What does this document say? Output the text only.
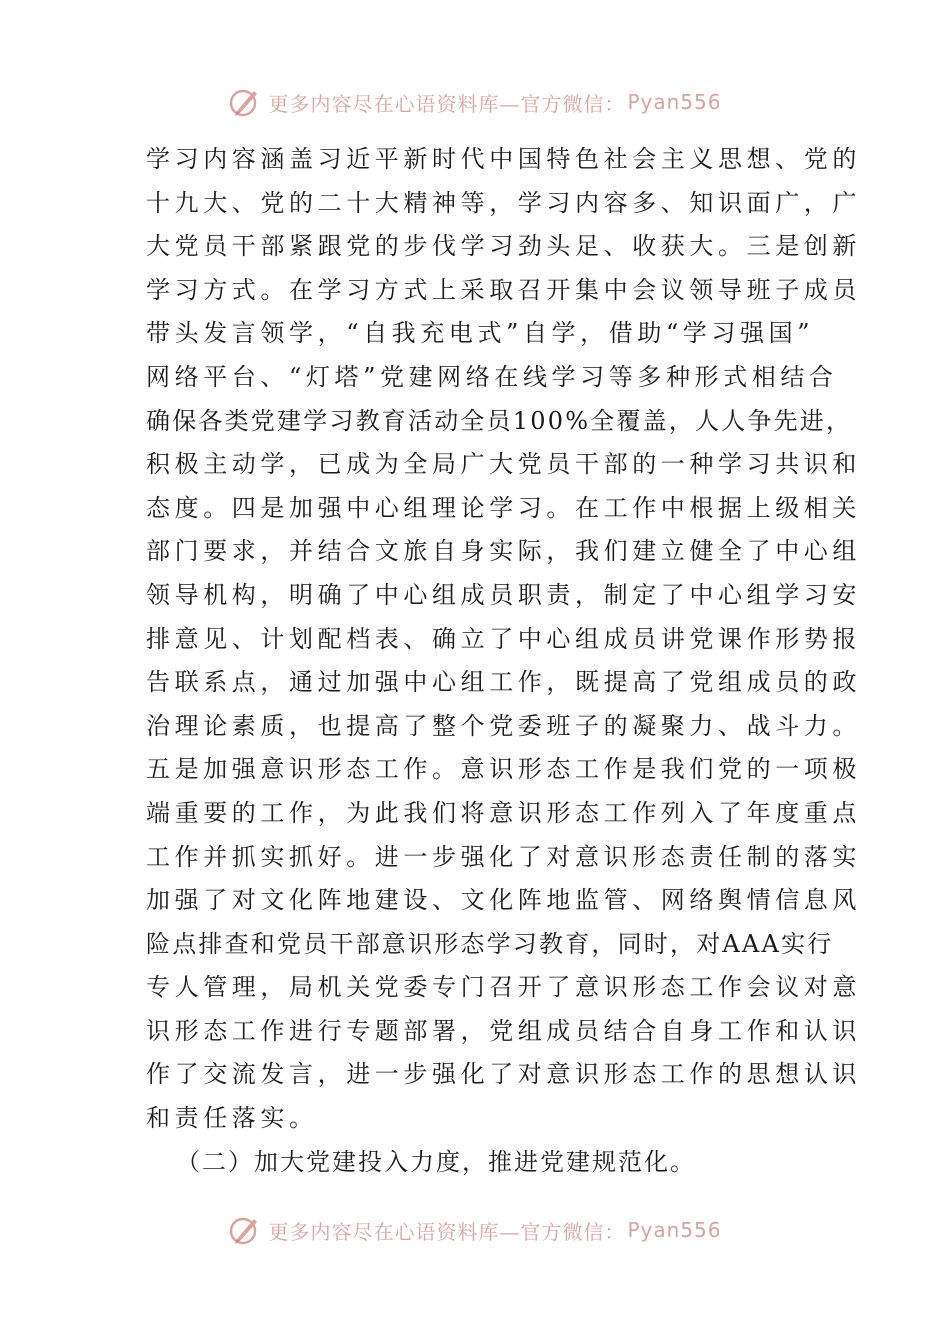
更多内容尽在心语资料库—官方微信： Pyan556
学习内容涵盖习近平新时代中国特色社会主义思想、党的
十九大、党的二十大精神等，学习内容多、知识面广，广
大党员干部紧跟党的步伐学习劲头足、收获大。三是创新
学习方式。在学习方式上采取召开集中会议领导班子成员
带头发言领学，“自我充电式”自学，借助“学习强国”
网络平台、“灯塔”党建网络在线学习等多种形式相结合
确保各类党建学习教育活动全员100%全覆盖，人人争先进，
积极主动学，已成为全局广大党员干部的一种学习共识和
态度。四是加强中心组理论学习。在工作中根据上级相关
部门要求，并结合文旅自身实际，我们建立健全了中心组
领导机构，明确了中心组成员职责，制定了中心组学习安
排意见、计划配档表、确立了中心组成员讲党课作形势报
告联系点，通过加强中心组工作，既提高了党组成员的政
治理论素质，也提高了整个党委班子的凝聚力、战斗力。
五是加强意识形态工作。意识形态工作是我们党的一项极
端重要的工作，为此我们将意识形态工作列入了年度重点
工作并抓实抓好。进一步强化了对意识形态责任制的落实
加强了对文化阵地建设、文化阵地监管、网络舆情信息风
险点排查和党员干部意识形态学习教育，同时，对AAA实行
专人管理，局机关党委专门召开了意识形态工作会议对意
识形态工作进行专题部署，党组成员结合自身工作和认识
作了交流发言，进一步强化了对意识形态工作的思想认识
和责任落实。
（二）加大党建投入力度，推进党建规范化。
更多内容尽在心语资料库—官方微信： Pyan556
